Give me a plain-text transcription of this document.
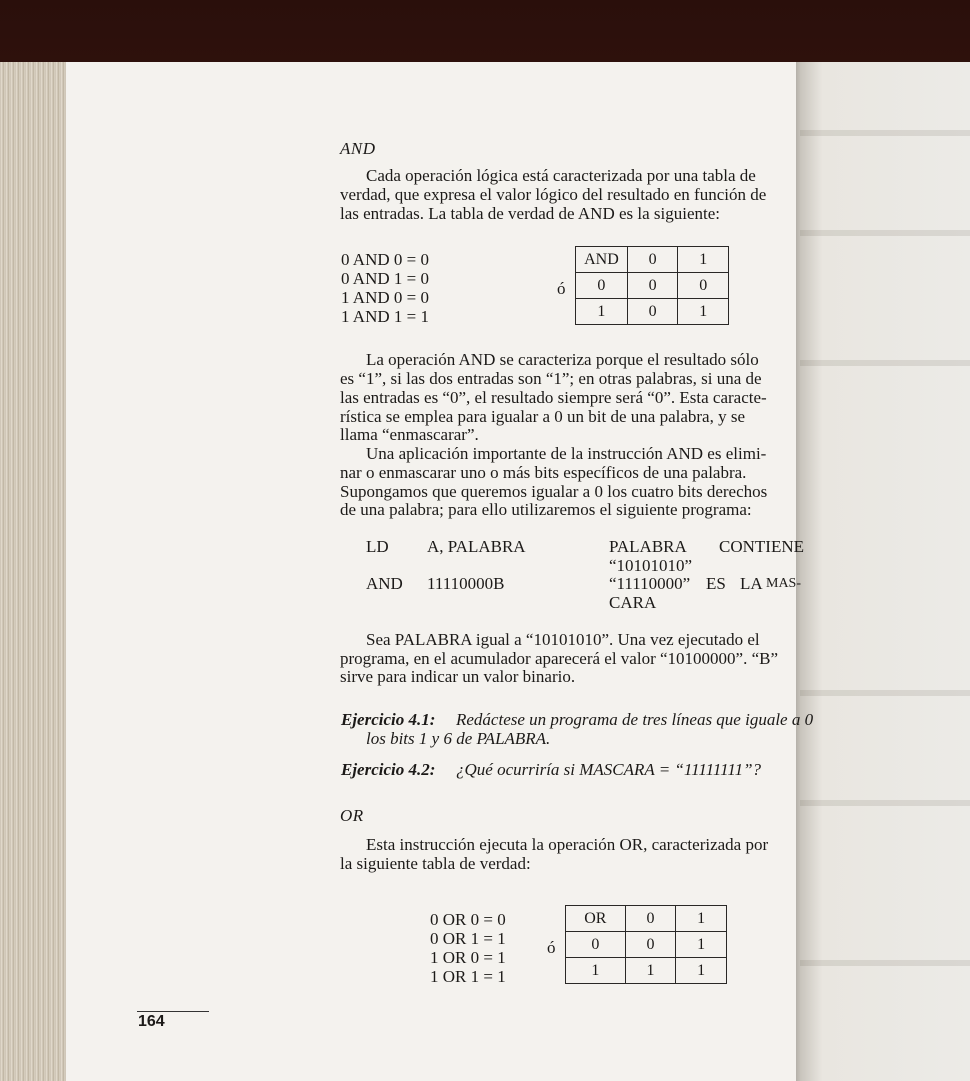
AND
Cada operación lógica está caracterizada por una tabla de
verdad, que expresa el valor lógico del resultado en función de
las entradas. La tabla de verdad de AND es la siguiente:
0 AND 0 = 0
0 AND 1 = 0
1 AND 0 = 0
1 AND 1 = 1
ó
AND	0	1
0	0	0
1	0	1
La operación AND se caracteriza porque el resultado sólo
es “1”, si las dos entradas son “1”; en otras palabras, si una de
las entradas es “0”, el resultado siempre será “0”. Esta caracte-
rística se emplea para igualar a 0 un bit de una palabra, y se
llama “enmascarar”.
Una aplicación importante de la instrucción AND es elimi-
nar o enmascarar uno o más bits específicos de una palabra.
Supongamos que queremos igualar a 0 los cuatro bits derechos
de una palabra; para ello utilizaremos el siguiente programa:
LD A, PALABRA	PALABRA CONTIENE
“10101010”
AND 11110000B	“11110000” ES LA MAS-
CARA
Sea PALABRA igual a “10101010”. Una vez ejecutado el
programa, en el acumulador aparecerá el valor “10100000”. “B”
sirve para indicar un valor binario.
Ejercicio 4.1: Redáctese un programa de tres líneas que iguale a 0
los bits 1 y 6 de PALABRA.
Ejercicio 4.2: ¿Qué ocurriría si MASCARA = “11111111”?
OR
Esta instrucción ejecuta la operación OR, caracterizada por
la siguiente tabla de verdad:
0 OR 0 = 0
0 OR 1 = 1
1 OR 0 = 1
1 OR 1 = 1
ó
OR	0	1
0	0	1
1	1	1
164
